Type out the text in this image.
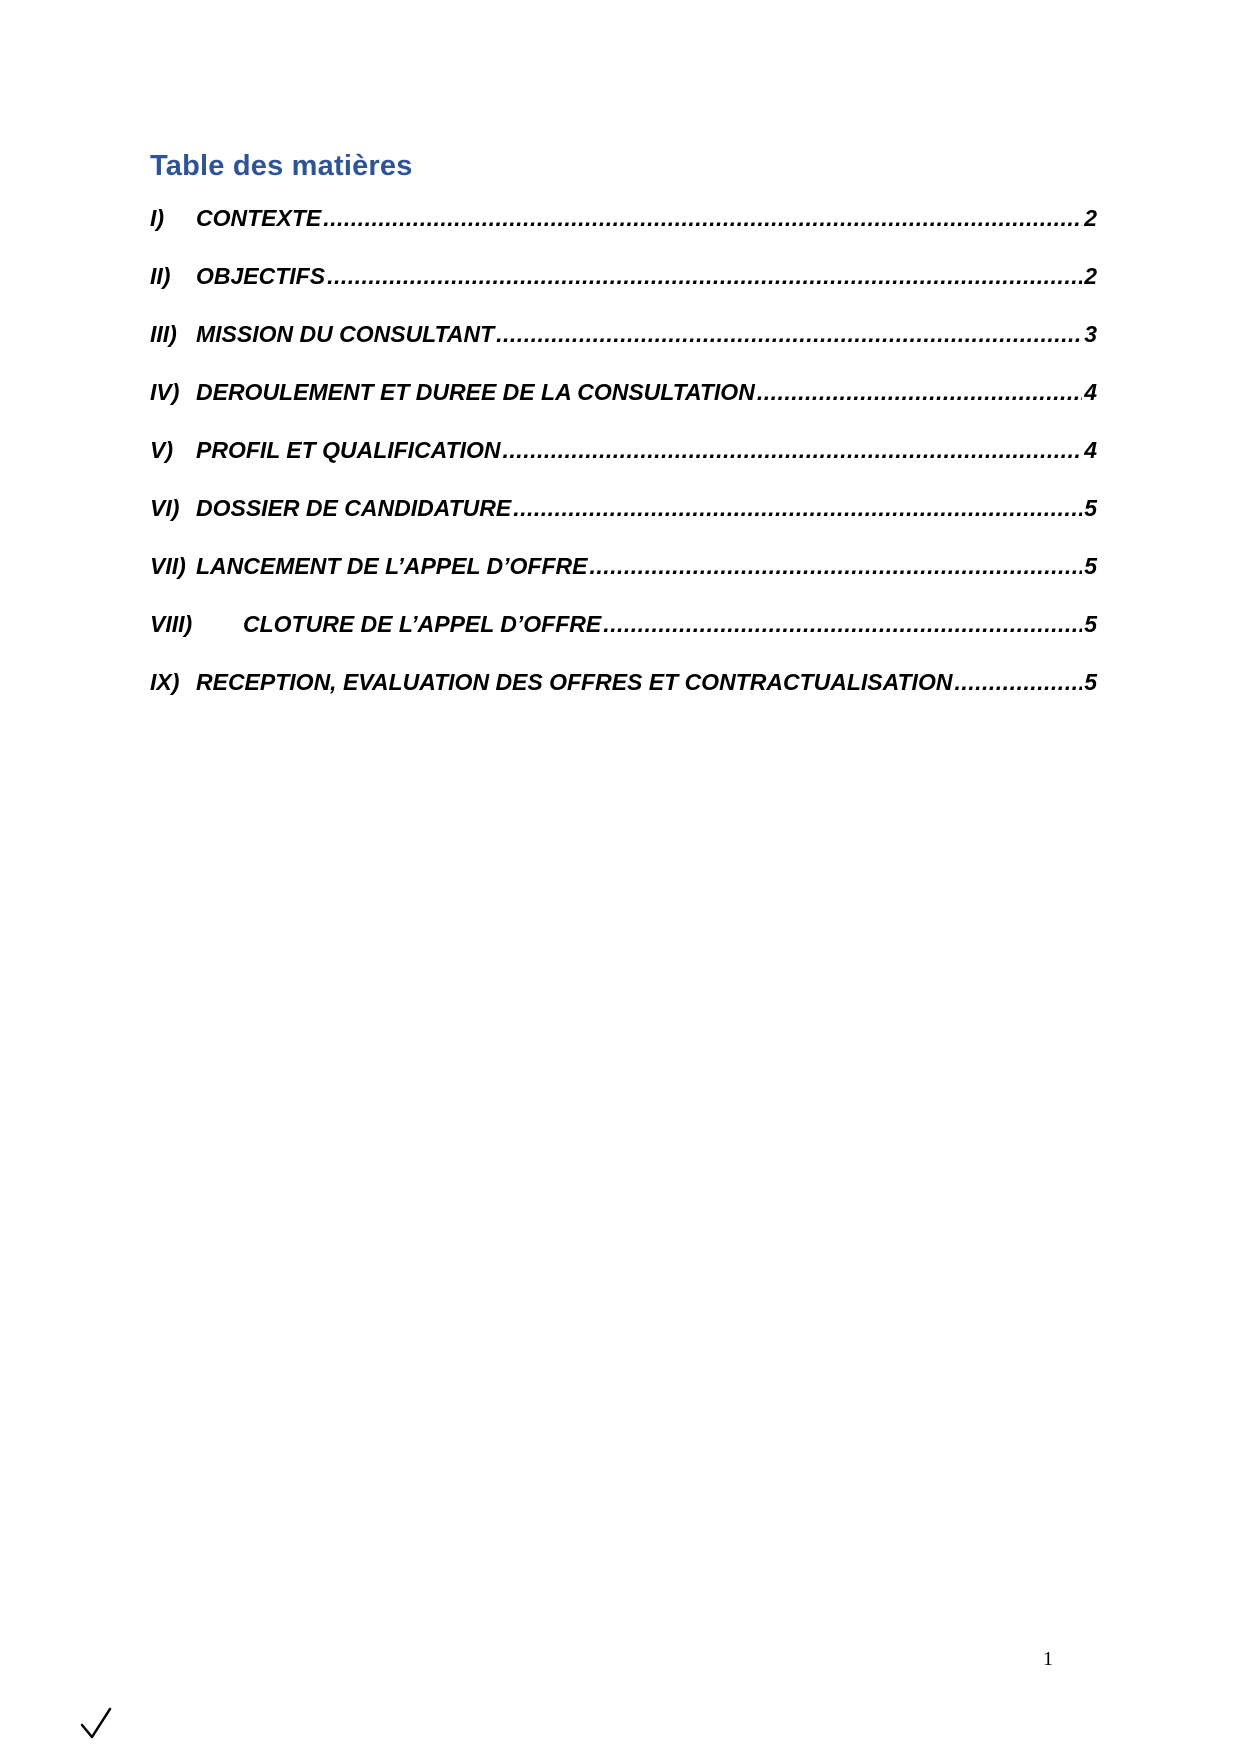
Table des matières
I)	CONTEXTE .....	2
II)	OBJECTIFS .....	2
III) MISSION DU CONSULTANT .....	3
IV) DEROULEMENT ET DUREE DE LA CONSULTATION .....	4
V)	PROFIL ET QUALIFICATION .....	4
VI) DOSSIER DE CANDIDATURE .....	5
VII) LANCEMENT DE L’APPEL D’OFFRE .....	5
VIII)	CLOTURE DE L’APPEL D’OFFRE .....	5
IX) RECEPTION, EVALUATION DES OFFRES ET CONTRACTUALISATION .....	5
1
